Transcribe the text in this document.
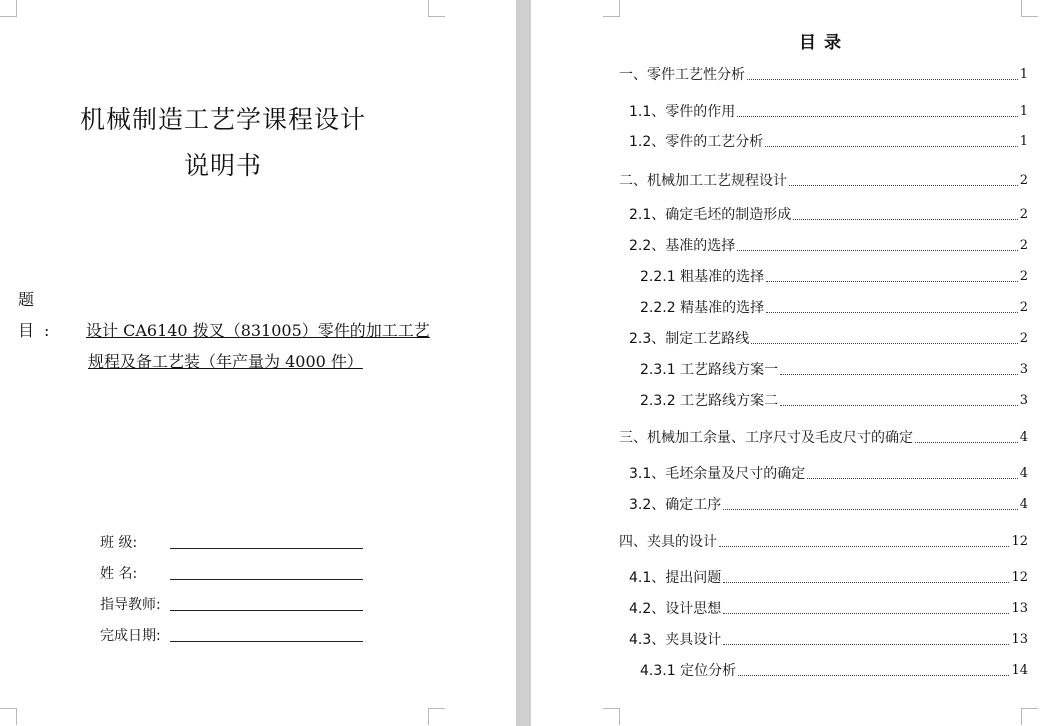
机械制造工艺学课程设计
说明书
题 目: 设计 CA6140 拨叉（831005）零件的加工工艺
规程及备工艺装（年产量为 4000 件）
班 级:
姓 名:
指导教师:
完成日期:
目录
一、零件工艺性分析	1
1.1、零件的作用	1
1.2、零件的工艺分析	1
二、机械加工工艺规程设计	2
2.1、确定毛坯的制造形成	2
2.2、基准的选择	2
2.2.1 粗基准的选择	2
2.2.2 精基准的选择	2
2.3、制定工艺路线	2
2.3.1 工艺路线方案一	3
2.3.2 工艺路线方案二	3
三、机械加工余量、工序尺寸及毛皮尺寸的确定	4
3.1、毛坯余量及尺寸的确定	4
3.2、确定工序	4
四、夹具的设计	12
4.1、提出问题	12
4.2、设计思想	13
4.3、夹具设计	13
4.3.1 定位分析	14
